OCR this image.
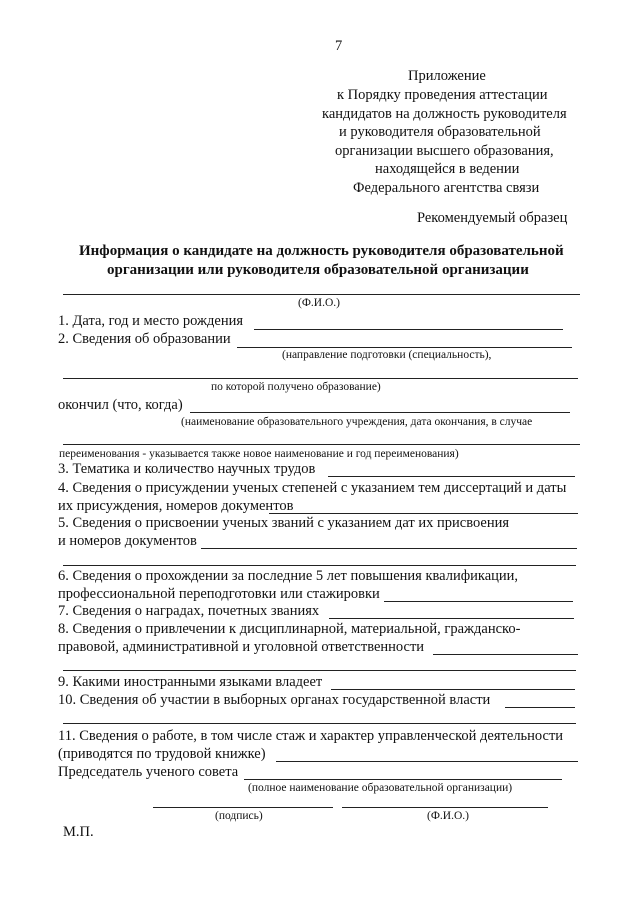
7
Приложение
к Порядку проведения аттестации
кандидатов на должность руководителя
и руководителя образовательной
организации высшего образования,
находящейся в ведении
Федерального агентства связи
Рекомендуемый образец
Информация о кандидате на должность руководителя образовательной
организации или руководителя образовательной организации
(Ф.И.О.)
1. Дата, год и место рождения
2. Сведения об образовании
(направление подготовки (специальность),
по которой получено образование)
окончил (что, когда)
(наименование образовательного учреждения, дата окончания, в случае
переименования - указывается также новое наименование и год переименования)
3. Тематика и количество научных трудов
4. Сведения о присуждении ученых степеней с указанием тем диссертаций и даты
их присуждения, номеров документов
5. Сведения о присвоении ученых званий с указанием дат их присвоения
и номеров документов
6. Сведения о прохождении за последние 5 лет повышения квалификации,
профессиональной переподготовки или стажировки
7. Сведения о наградах, почетных званиях
8. Сведения о привлечении к дисциплинарной, материальной, гражданско-
правовой, административной и уголовной ответственности
9. Какими иностранными языками владеет
10. Сведения об участии в выборных органах государственной власти
11. Сведения о работе, в том числе стаж и характер управленческой деятельности
(приводятся по трудовой книжке)
Председатель ученого совета
(полное наименование образовательной организации)
(подпись)	(Ф.И.О.)
М.П.
